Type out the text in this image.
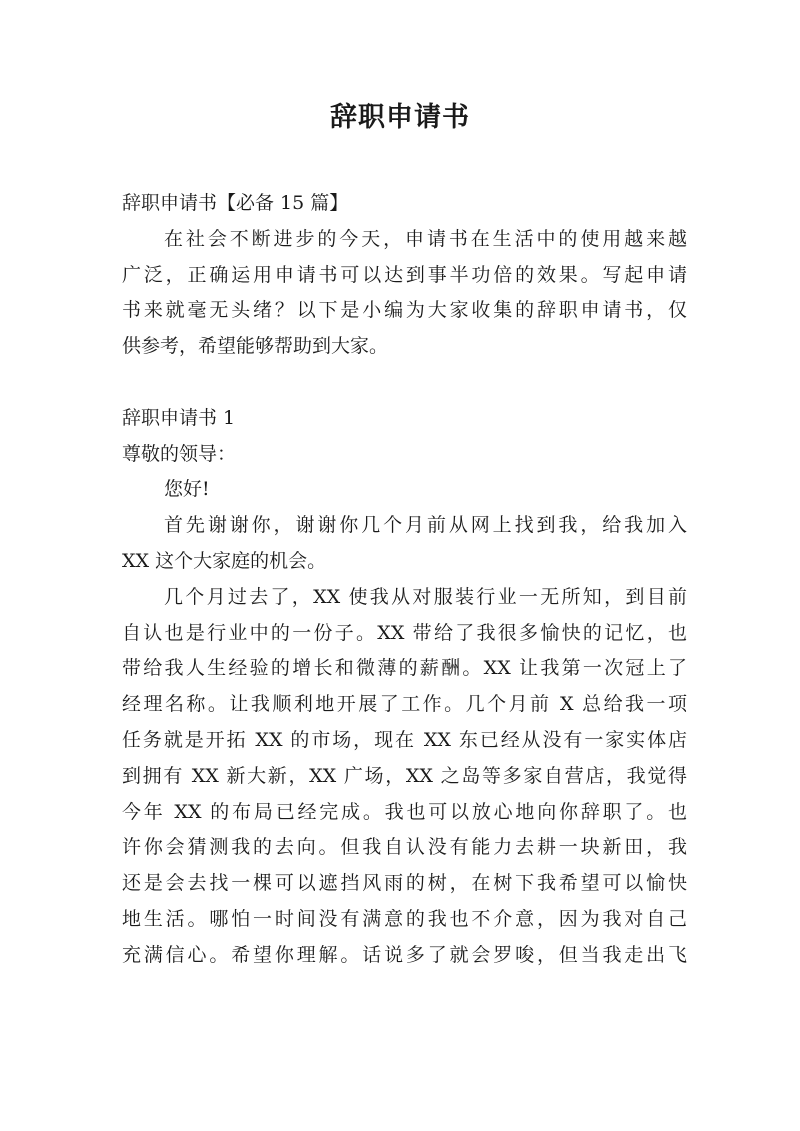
辞职申请书
辞职申请书【必备 15 篇】
在社会不断进步的今天，申请书在生活中的使用越来越
广泛，正确运用申请书可以达到事半功倍的效果。写起申请
书来就毫无头绪？以下是小编为大家收集的辞职申请书，仅
供参考，希望能够帮助到大家。
辞职申请书 1
尊敬的领导：
您好!
首先谢谢你，谢谢你几个月前从网上找到我，给我加入
XX 这个大家庭的机会。
几个月过去了，XX 使我从对服装行业一无所知，到目前
自认也是行业中的一份子。XX 带给了我很多愉快的记忆，也
带给我人生经验的增长和微薄的薪酬。XX 让我第一次冠上了
经理名称。让我顺利地开展了工作。几个月前 X 总给我一项
任务就是开拓 XX 的市场，现在 XX 东已经从没有一家实体店
到拥有 XX 新大新，XX 广场，XX 之岛等多家自营店，我觉得
今年 XX 的布局已经完成。我也可以放心地向你辞职了。也
许你会猜测我的去向。但我自认没有能力去耕一块新田，我
还是会去找一棵可以遮挡风雨的树，在树下我希望可以愉快
地生活。哪怕一时间没有满意的我也不介意，因为我对自己
充满信心。希望你理解。话说多了就会罗唆，但当我走出飞
